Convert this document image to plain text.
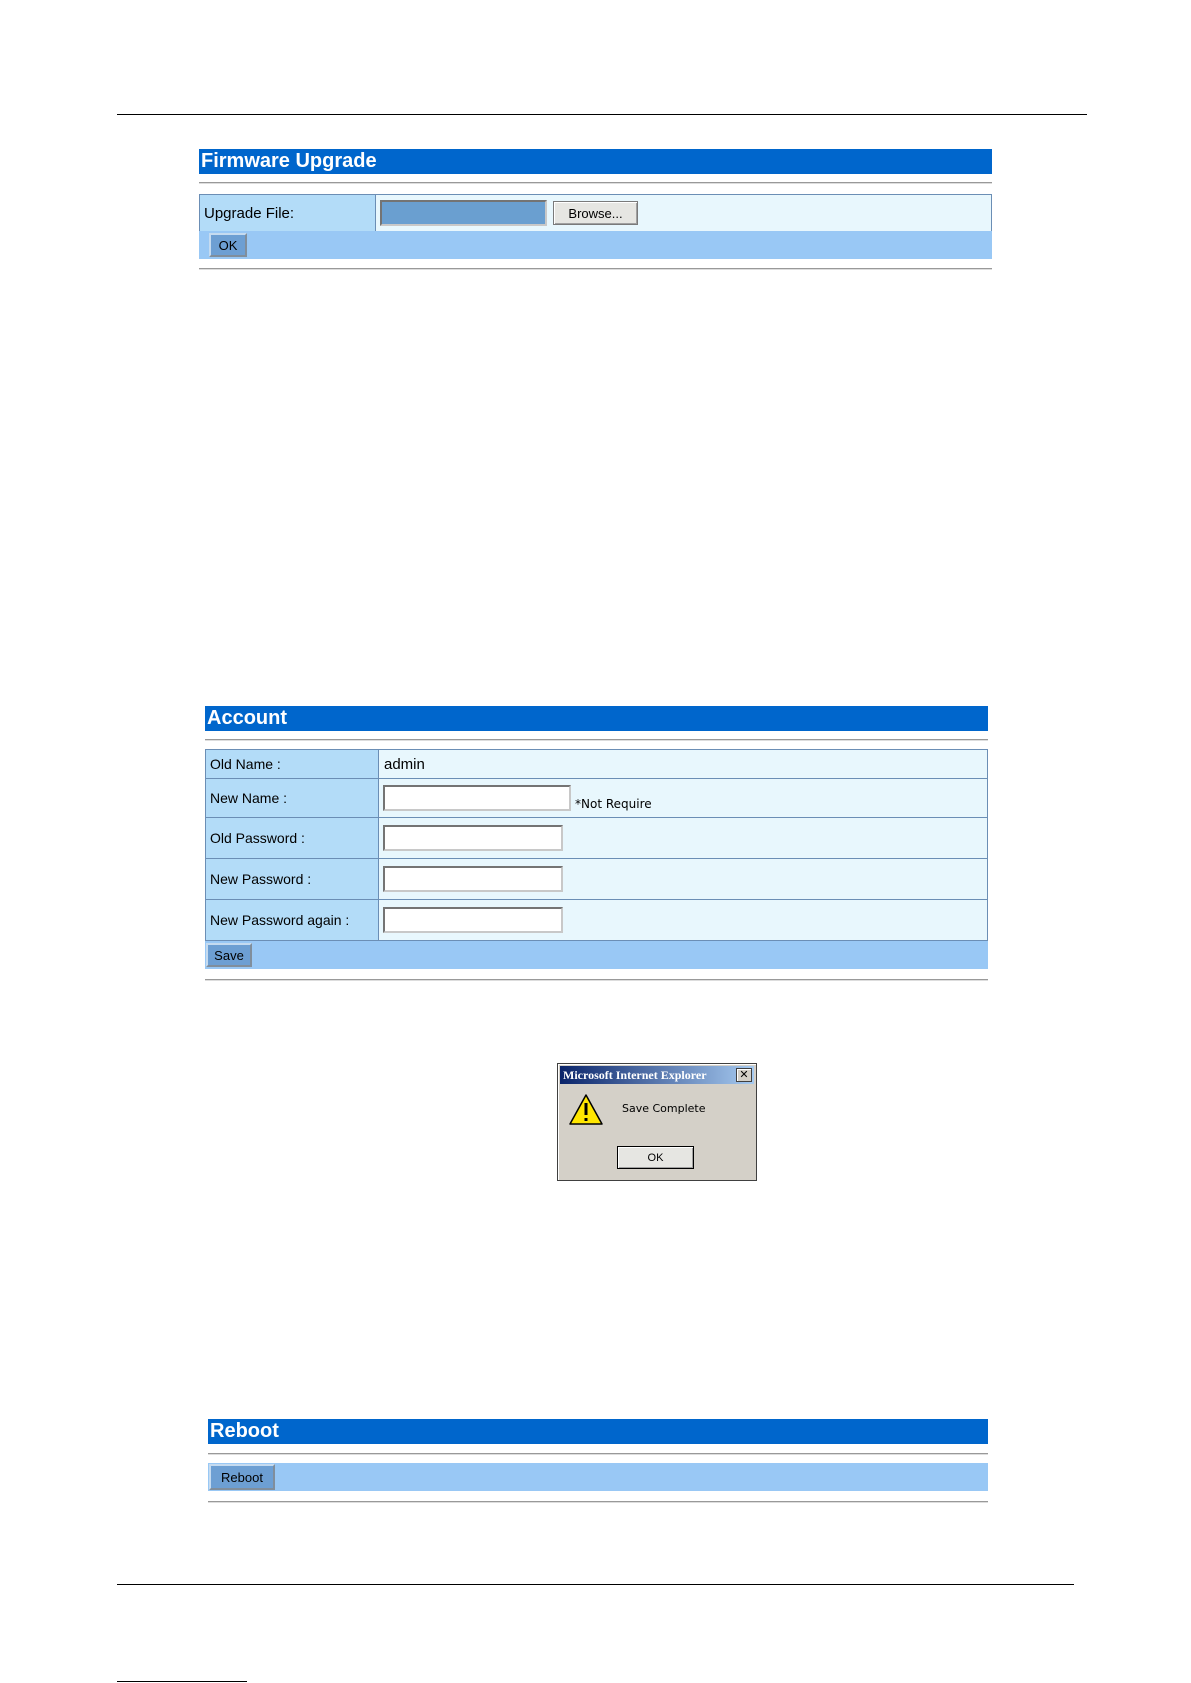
Firmware Upgrade
Upgrade File:	Browse...
OK
Account
Old Name :	admin
New Name :	*Not Require
Old Password :
New Password :
New Password again :
Save
Microsoft Internet Explorer	✕
Save Complete
OK
Reboot
Reboot
